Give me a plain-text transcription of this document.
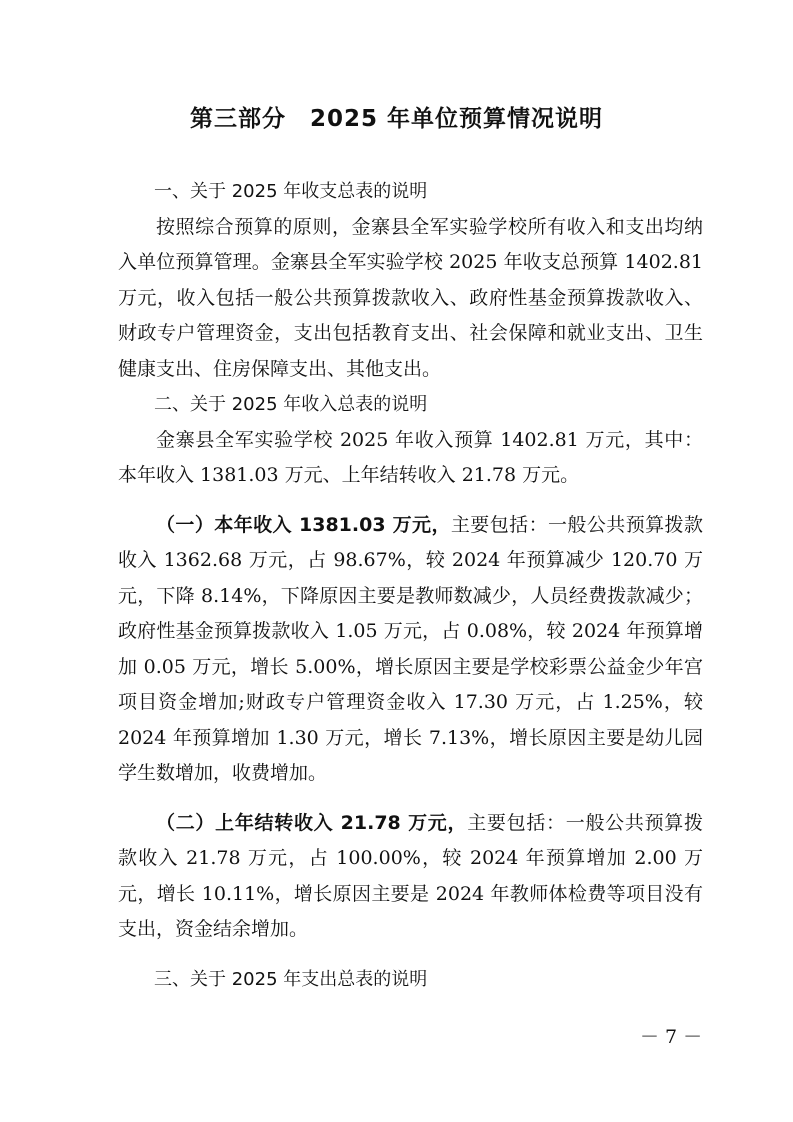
第三部分　2025 年单位预算情况说明

一、关于 2025 年收支总表的说明

按照综合预算的原则，金寨县全军实验学校所有收入和支出均纳入单位预算管理。金寨县全军实验学校 2025 年收支总预算 1402.81 万元，收入包括一般公共预算拨款收入、政府性基金预算拨款收入、财政专户管理资金，支出包括教育支出、社会保障和就业支出、卫生健康支出、住房保障支出、其他支出。

二、关于 2025 年收入总表的说明

金寨县全军实验学校 2025 年收入预算 1402.81 万元，其中：本年收入 1381.03 万元、上年结转收入 21.78 万元。

（一）本年收入 1381.03 万元，主要包括：一般公共预算拨款收入 1362.68 万元，占 98.67%，较 2024 年预算减少 120.70 万元，下降 8.14%，下降原因主要是教师数减少，人员经费拨款减少；政府性基金预算拨款收入 1.05 万元，占 0.08%，较 2024 年预算增加 0.05 万元，增长 5.00%，增长原因主要是学校彩票公益金少年宫项目资金增加;财政专户管理资金收入 17.30 万元，占 1.25%，较 2024 年预算增加 1.30 万元，增长 7.13%，增长原因主要是幼儿园学生数增加，收费增加。

（二）上年结转收入 21.78 万元，主要包括：一般公共预算拨款收入 21.78 万元，占 100.00%，较 2024 年预算增加 2.00 万元，增长 10.11%，增长原因主要是 2024 年教师体检费等项目没有支出，资金结余增加。

三、关于 2025 年支出总表的说明

－ 7 －
